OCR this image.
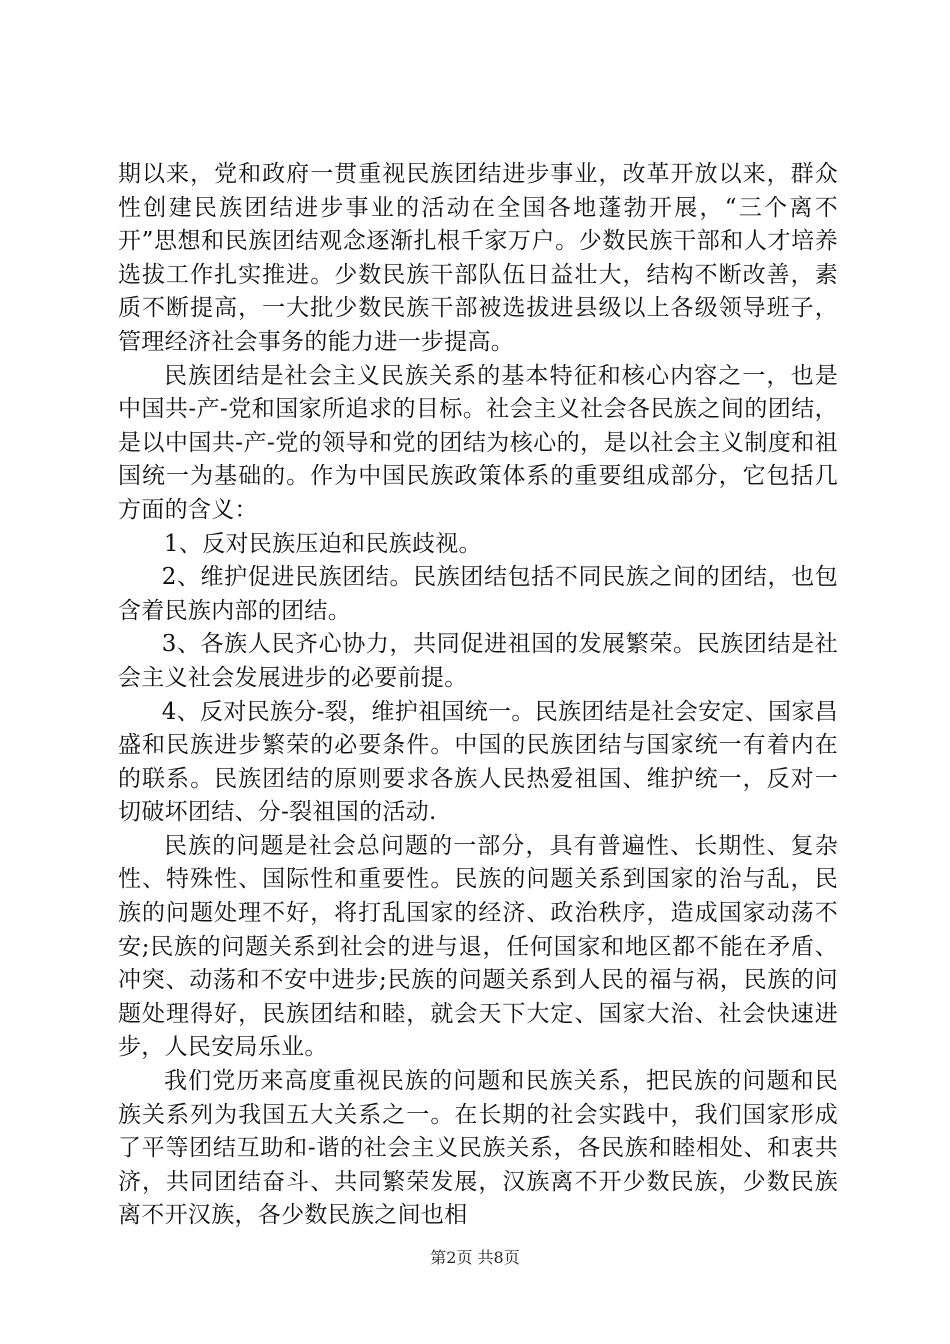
期以来，党和政府一贯重视民族团结进步事业，改革开放以来，群众性创建民族团结进步事业的活动在全国各地蓬勃开展，“三个离不开”思想和民族团结观念逐渐扎根千家万户。少数民族干部和人才培养选拔工作扎实推进。少数民族干部队伍日益壮大，结构不断改善，素质不断提高，一大批少数民族干部被选拔进县级以上各级领导班子，管理经济社会事务的能力进一步提高。

民族团结是社会主义民族关系的基本特征和核心内容之一，也是中国共-产-党和国家所追求的目标。社会主义社会各民族之间的团结，是以中国共-产-党的领导和党的团结为核心的，是以社会主义制度和祖国统一为基础的。作为中国民族政策体系的重要组成部分，它包括几方面的含义：

1、反对民族压迫和民族歧视。

2、维护促进民族团结。民族团结包括不同民族之间的团结，也包含着民族内部的团结。

3、各族人民齐心协力，共同促进祖国的发展繁荣。民族团结是社会主义社会发展进步的必要前提。

4、反对民族分-裂，维护祖国统一。民族团结是社会安定、国家昌盛和民族进步繁荣的必要条件。中国的民族团结与国家统一有着内在的联系。民族团结的原则要求各族人民热爱祖国、维护统一，反对一切破坏团结、分-裂祖国的活动.

民族的问题是社会总问题的一部分，具有普遍性、长期性、复杂性、特殊性、国际性和重要性。民族的问题关系到国家的治与乱，民族的问题处理不好，将打乱国家的经济、政治秩序，造成国家动荡不安;民族的问题关系到社会的进与退，任何国家和地区都不能在矛盾、冲突、动荡和不安中进步;民族的问题关系到人民的福与祸，民族的问题处理得好，民族团结和睦，就会天下大定、国家大治、社会快速进步，人民安局乐业。

我们党历来高度重视民族的问题和民族关系，把民族的问题和民族关系列为我国五大关系之一。在长期的社会实践中，我们国家形成了平等团结互助和-谐的社会主义民族关系，各民族和睦相处、和衷共济，共同团结奋斗、共同繁荣发展，汉族离不开少数民族，少数民族离不开汉族，各少数民族之间也相

第2页 共8页
